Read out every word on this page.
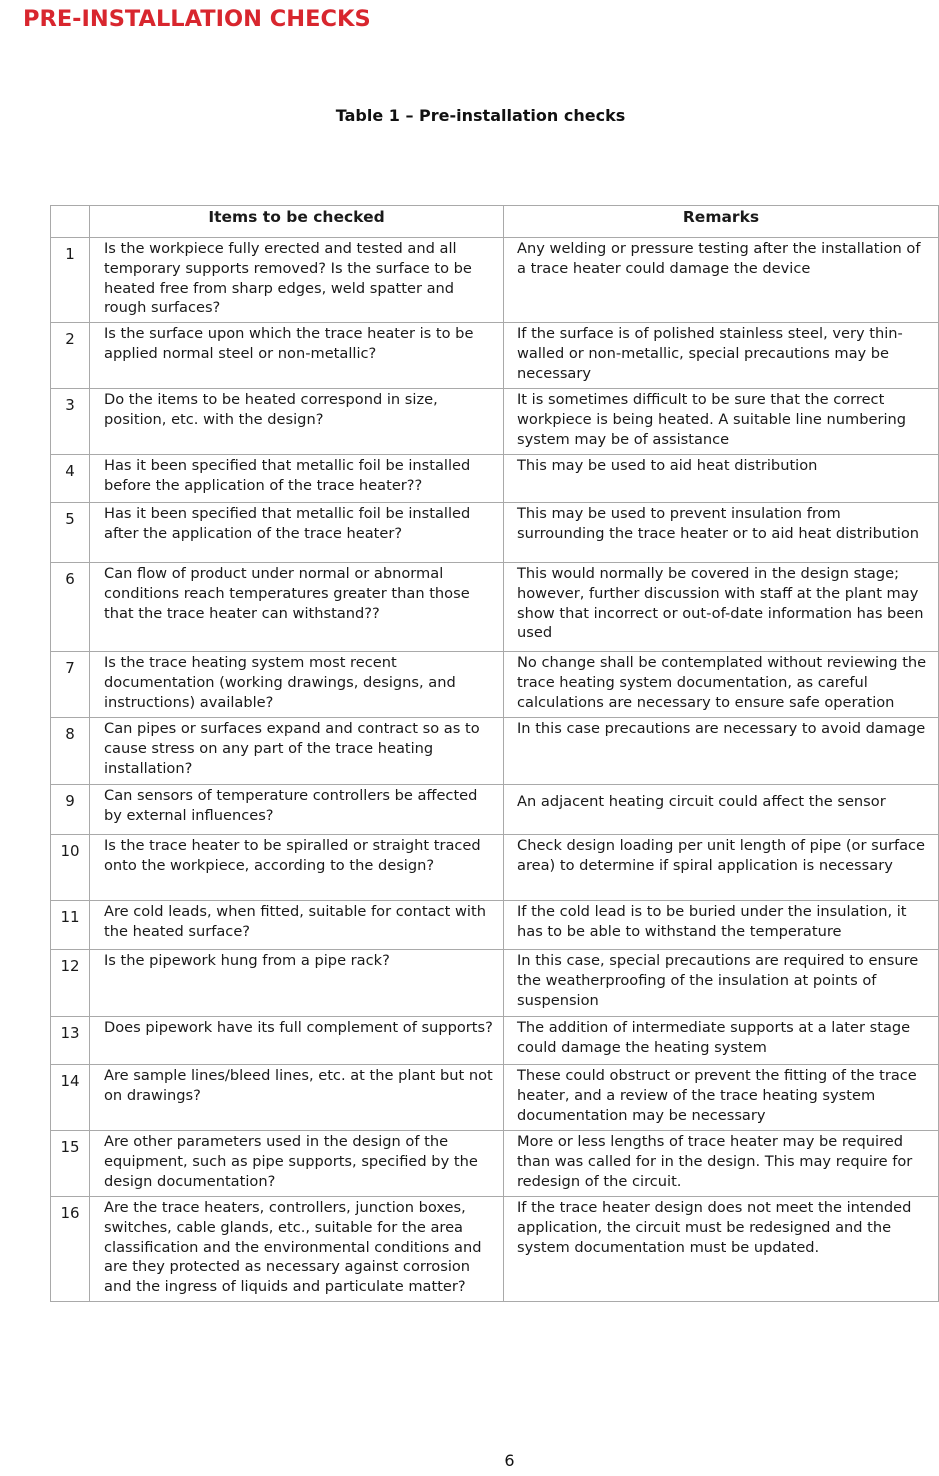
PRE-INSTALLATION CHECKS
Table 1 – Pre-installation checks
	Items to be checked	Remarks
1	Is the workpiece fully erected and tested and all temporary supports removed? Is the surface to be heated free from sharp edges, weld spatter and rough surfaces?	Any welding or pressure testing after the installation of a trace heater could damage the device
2	Is the surface upon which the trace heater is to be applied normal steel or non-metallic?	If the surface is of polished stainless steel, very thin-walled or non-metallic, special precautions may be necessary
3	Do the items to be heated correspond in size, position, etc. with the design?	It is sometimes difficult to be sure that the correct workpiece is being heated. A suitable line numbering system may be of assistance
4	Has it been specified that metallic foil be installed before the application of the trace heater??	This may be used to aid heat distribution
5	Has it been specified that metallic foil be installed after the application of the trace heater?	This may be used to prevent insulation from surrounding the trace heater or to aid heat distribution
6	Can flow of product under normal or abnormal conditions reach temperatures greater than those that the trace heater can withstand??	This would normally be covered in the design stage; however, further discussion with staff at the plant may show that incorrect or out-of-date information has been used
7	Is the trace heating system most recent documentation (working drawings, designs, and instructions) available?	No change shall be contemplated without reviewing the trace heating system documentation, as careful calculations are necessary to ensure safe operation
8	Can pipes or surfaces expand and contract so as to cause stress on any part of the trace heating installation?	In this case precautions are necessary to avoid damage
9	Can sensors of temperature controllers be affected by external influences?	An adjacent heating circuit could affect the sensor
10	Is the trace heater to be spiralled or straight traced onto the workpiece, according to the design?	Check design loading per unit length of pipe (or surface area) to determine if spiral application is necessary
11	Are cold leads, when fitted, suitable for contact with the heated surface?	If the cold lead is to be buried under the insulation, it has to be able to withstand the temperature
12	Is the pipework hung from a pipe rack?	In this case, special precautions are required to ensure the weatherproofing of the insulation at points of suspension
13	Does pipework have its full complement of supports?	The addition of intermediate supports at a later stage could damage the heating system
14	Are sample lines/bleed lines, etc. at the plant but not on drawings?	These could obstruct or prevent the fitting of the trace heater, and a review of the trace heating system documentation may be necessary
15	Are other parameters used in the design of the equipment, such as pipe supports, specified by the design documentation?	More or less lengths of trace heater may be required than was called for in the design. This may require for redesign of the circuit.
16	Are the trace heaters, controllers, junction boxes, switches, cable glands, etc., suitable for the area classification and the environmental conditions and are they protected as necessary against corrosion and the ingress of liquids and particulate matter?	If the trace heater design does not meet the intended application, the circuit must be redesigned and the system documentation must be updated.
6
